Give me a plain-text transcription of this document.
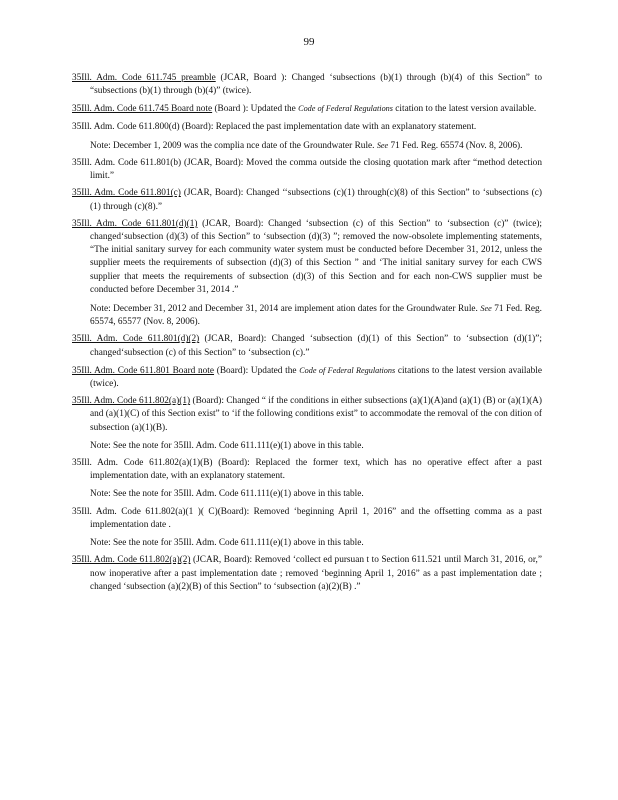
99
35Ill. Adm. Code 611.745 preamble (JCAR, Board ): Changed ‘subsections (b)(1) through (b)(4) of this Section” to “subsections (b)(1) through (b)(4)” (twice).
35Ill. Adm. Code 611.745 Board note (Board ): Updated the Code of Federal Regulations citation to the latest version available.
35Ill. Adm. Code 611.800(d) (Board): Replaced the past implementation date with an explanatory statement.
Note: December 1, 2009 was the complia nce date of the Groundwater Rule. See 71 Fed. Reg. 65574 (Nov. 8, 2006).
35Ill. Adm. Code 611.801(b) (JCAR, Board): Moved the comma outside the closing quotation mark after “method detection limit.”
35Ill. Adm. Code 611.801(c) (JCAR, Board): Changed ‘‘subsections (c)(1) through(c)(8) of this Section” to ‘subsections (c)(1) through (c)(8).”
35Ill. Adm. Code 611.801(d)(1) (JCAR, Board): Changed ‘subsection (c) of this Section” to ‘subsection (c)” (twice); changed‘subsection (d)(3) of this Section” to ‘subsection (d)(3) ”; removed the now-obsolete implementing statements, “The initial sanitary survey for each community water system must be conducted before December 31, 2012, unless the supplier meets the requirements of subsection (d)(3) of this Section ” and ‘The initial sanitary survey for each CWS supplier that meets the requirements of subsection (d)(3) of this Section and for each non-CWS supplier must be conducted before December 31, 2014 .”
Note: December 31, 2012 and December 31, 2014 are implement ation dates for the Groundwater Rule. See 71 Fed. Reg. 65574, 65577 (Nov. 8, 2006).
35Ill. Adm. Code 611.801(d)(2) (JCAR, Board): Changed ‘subsection (d)(1) of this Section” to ‘subsection (d)(1)”; changed‘subsection (c) of this Section” to ‘subsection (c).”
35Ill. Adm. Code 611.801 Board note (Board): Updated the Code of Federal Regulations citations to the latest version available (twice).
35Ill. Adm. Code 611.802(a)(1) (Board): Changed “ if the conditions in either subsections (a)(1)(A)and (a)(1) (B) or (a)(1)(A) and (a)(1)(C) of this Section exist” to ‘if the following conditions exist” to accommodate the removal of the con dition of subsection (a)(1)(B).
Note: See the note for 35Ill. Adm. Code 611.111(e)(1) above in this table.
35Ill. Adm. Code 611.802(a)(1)(B) (Board): Replaced the former text, which has no operative effect after a past implementation date, with an explanatory statement.
Note: See the note for 35Ill. Adm. Code 611.111(e)(1) above in this table.
35Ill. Adm. Code 611.802(a)(1 )( C)(Board): Removed ‘beginning April 1, 2016” and the offsetting comma as a past implementation date .
Note: See the note for 35Ill. Adm. Code 611.111(e)(1) above in this table.
35Ill. Adm. Code 611.802(a)(2) (JCAR, Board): Removed ‘collect ed pursuan t to Section 611.521 until March 31, 2016, or,” now inoperative after a past implementation date ; removed ‘beginning April 1, 2016” as a past implementation date ; changed ‘subsection (a)(2)(B) of this Section” to ‘subsection (a)(2)(B) .”
